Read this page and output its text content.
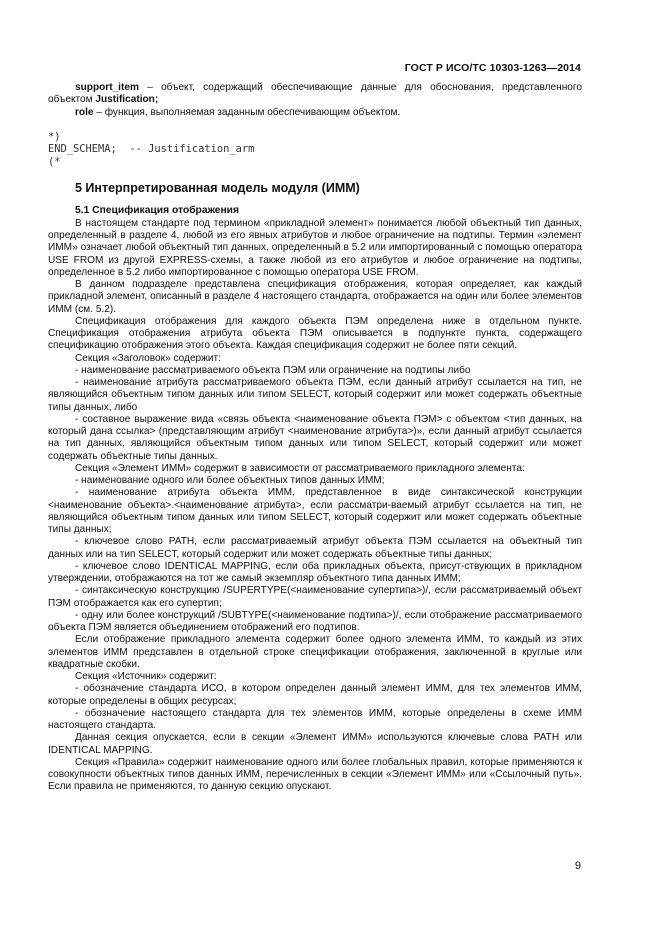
ГОСТ Р ИСО/ТС 10303-1263—2014

support_item – объект, содержащий обеспечивающие данные для обоснования, представленного объектом Justification;

role – функция, выполняемая заданным обеспечивающим объектом.

*)

END_SCHEMA;  -- Justification_arm

(*

5 Интерпретированная модель модуля (ИММ)

5.1 Спецификация отображения

В настоящем стандарте под термином «прикладной элемент» понимается любой объектный тип данных, определенный в разделе 4, любой из его явных атрибутов и любое ограничение на подтипы. Термин «элемент ИММ» означает любой объектный тип данных, определенный в 5.2 или импортированный с помощью оператора USE FROM из другой EXPRESS-схемы, а также любой из его атрибутов и любое ограничение на подтипы, определенное в 5.2 либо импортированное с помощью оператора USE FROM.

В данном подразделе представлена спецификация отображения, которая определяет, как каждый прикладной элемент, описанный в разделе 4 настоящего стандарта, отображается на один или более элементов ИММ (см. 5.2).

Спецификация отображения для каждого объекта ПЭМ определена ниже в отдельном пункте. Спецификация отображения атрибута объекта ПЭМ описывается в подпункте пункта, содержащего спецификацию отображения этого объекта. Каждая спецификация содержит не более пяти секций.

Секция «Заголовок» содержит:

- наименование рассматриваемого объекта ПЭМ или ограничение на подтипы либо

- наименование атрибута рассматриваемого объекта ПЭМ, если данный атрибут ссылается на тип, не являющийся объектным типом данных или типом SELECT, который содержит или может содержать объектные типы данных, либо

- составное выражение вида «связь объекта <наименование объекта ПЭМ> с объектом <тип данных, на который дана ссылка> (представляющим атрибут <наименование атрибута>)», если данный атрибут ссылается на тип данных, являющийся объектным типом данных или типом SELECT, который содержит или может содержать объектные типы данных.

Секция «Элемент ИММ» содержит в зависимости от рассматриваемого прикладного элемента:

- наименование одного или более объектных типов данных ИММ;

- наименование атрибута объекта ИММ, представленное в виде синтаксической конструкции <наименование объекта>.<наименование атрибута>, если рассматри-ваемый атрибут ссылается на тип, не являющийся объектным типом данных или типом SELECT, который содержит или может содержать объектные типы данных;

- ключевое слово PATH, если рассматриваемый атрибут объекта ПЭМ ссылается на объектный тип данных или на тип SELECT, который содержит или может содержать объектные типы данных;

- ключевое слово IDENTICAL MAPPING, если оба прикладных объекта, присут-ствующих в прикладном утверждении, отображаются на тот же самый экземпляр объектного типа данных ИММ;

- синтаксическую конструкцию /SUPERTYPE(<наименование супертипа>)/, если рассматриваемый объект ПЭМ отображается как его супертип;

- одну или более конструкций /SUBTYPE(<наименование подтипа>)/, если отображение рассматриваемого объекта ПЭМ является объединением отображений его подтипов.

Если отображение прикладного элемента содержит более одного элемента ИММ, то каждый из этих элементов ИММ представлен в отдельной строке спецификации отображения, заключенной в круглые или квадратные скобки.

Секция «Источник» содержит:

- обозначение стандарта ИСО, в котором определен данный элемент ИММ, для тех элементов ИММ, которые определены в общих ресурсах;

- обозначение настоящего стандарта для тех элементов ИММ, которые определены в схеме ИММ настоящего стандарта.

Данная секция опускается, если в секции «Элемент ИММ» используются ключевые слова PATH или IDENTICAL MAPPING.

Секция «Правила» содержит наименование одного или более глобальных правил, которые применяются к совокупности объектных типов данных ИММ, перечисленных в секции «Элемент ИММ» или «Ссылочный путь». Если правила не применяются, то данную секцию опускают.

9
